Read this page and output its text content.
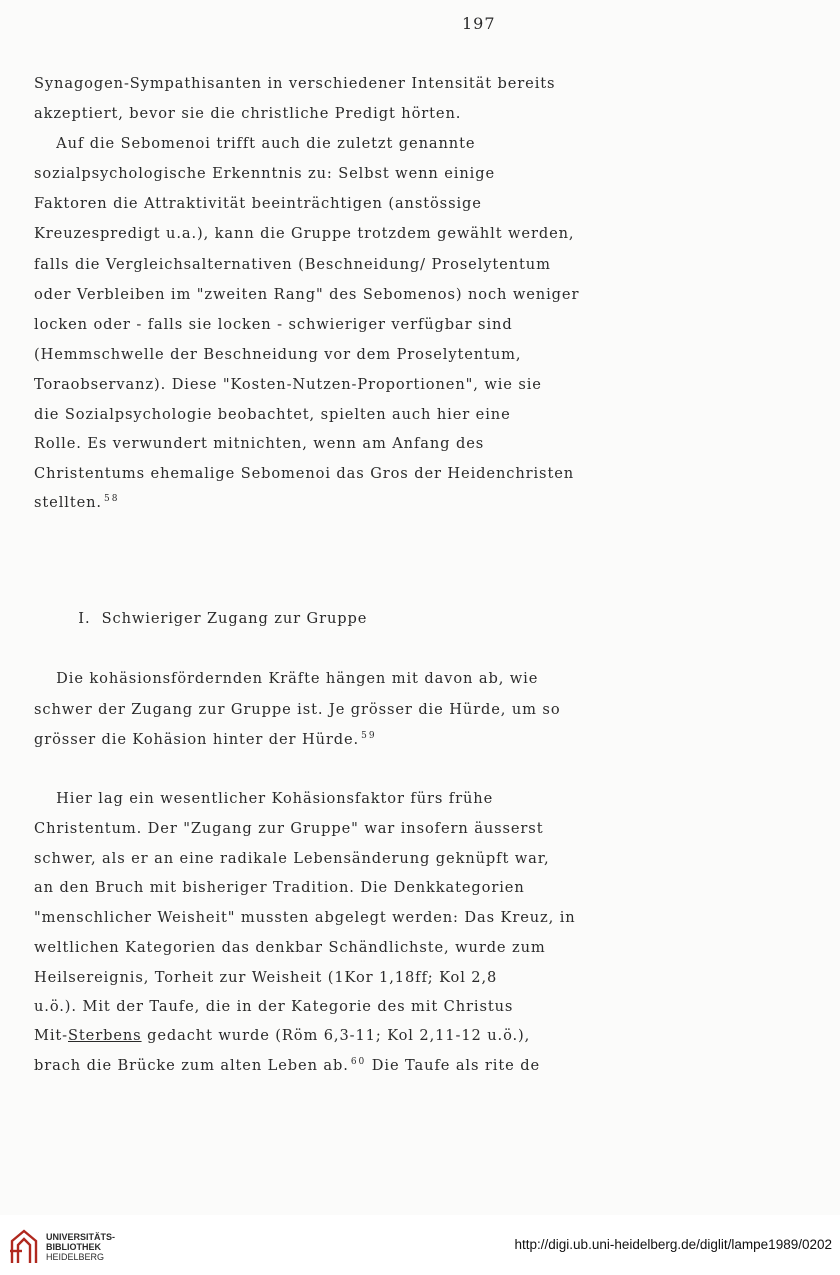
197
Synagogen-Sympathisanten in verschiedener Intensität bereits
akzeptiert, bevor sie die christliche Predigt hörten.
Auf die Sebomenoi trifft auch die zuletzt genannte
sozialpsychologische Erkenntnis zu: Selbst wenn einige
Faktoren die Attraktivität beeinträchtigen (anstössige
Kreuzespredigt u.a.), kann die Gruppe trotzdem gewählt werden,
falls die Vergleichsalternativen (Beschneidung/ Proselytentum
oder Verbleiben im "zweiten Rang" des Sebomenos) noch weniger
locken oder - falls sie locken - schwieriger verfügbar sind
(Hemmschwelle der Beschneidung vor dem Proselytentum,
Toraobservanz). Diese "Kosten-Nutzen-Proportionen", wie sie
die Sozialpsychologie beobachtet, spielten auch hier eine
Rolle. Es verwundert mitnichten, wenn am Anfang des
Christentums ehemalige Sebomenoi das Gros der Heidenchristen
stellten. $^{58}$
I.  Schwieriger Zugang zur Gruppe
Die kohäsionsfördernden Kräfte hängen mit davon ab, wie
schwer der Zugang zur Gruppe ist. Je grösser die Hürde, um so
grösser die Kohäsion hinter der Hürde. $^{59}$
Hier lag ein wesentlicher Kohäsionsfaktor fürs frühe
Christentum. Der "Zugang zur Gruppe" war insofern äusserst
schwer, als er an eine radikale Lebensänderung geknüpft war,
an den Bruch mit bisheriger Tradition. Die Denkkategorien
"menschlicher Weisheit" mussten abgelegt werden: Das Kreuz, in
weltlichen Kategorien das denkbar Schändlichste, wurde zum
Heilsereignis, Torheit zur Weisheit (1Kor 1,18ff; Kol 2,8
u.ö.). Mit der Taufe, die in der Kategorie des mit Christus
Mit-Sterbens gedacht wurde (Röm 6,3-11; Kol 2,11-12 u.ö.),
brach die Brücke zum alten Leben ab. $^{60}$ Die Taufe als rite de
UNIVERSITÄTS-
BIBLIOTHEK
HEIDELBERG
http://digi.ub.uni-heidelberg.de/diglit/lampe1989/0202
